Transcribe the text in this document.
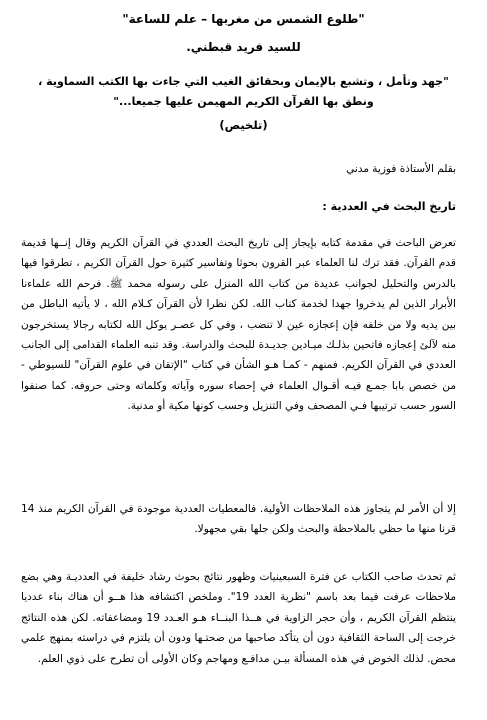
"طلوع الشمس من مغربها – علم للساعة"
للسيد فريد قبطني.
"جهد وتأمل ، وتشبع بالإيمان وبحقائق الغيب التي جاءت بها الكتب السماوية ، ونطق بها القرآن الكريم المهيمن عليها جميعا..."
(تلخيص)
بقلم الأستاذة فوزية مدني
تاريخ البحث في العددية :
تعرض الباحث في مقدمة كتابه بإيجاز إلى تاريخ البحث العددي في القرآن الكريم وقال إنــها قديمة قدم القرآن. فقد ترك لنا العلماء عبر القرون بحوثا وتفاسير كثيرة حول القرآن الكريم ، تطرقوا فيها بالدرس والتحليل لجوانب عديدة من كتاب الله المنزل على رسوله محمد ﷺ. فرحم الله علماءنا الأبرار الذين لم يدخروا جهدا لخدمة كتاب الله. لكن نظرا لأن القرآن كـلام الله ، لا يأتيه الباطل من بين يديه ولا من خلفه فإن إعجازه عين لا تنضب ، وفي كل عصـر يوكل الله لكتابه رجالا يستخرجون منه لآلئ إعجازه فاتحين بذلـك ميـادين جديـدة للبحث والدراسة. وقد تنبه العلماء القدامى إلى الجانب العددي في القرآن الكريم. فمنهم - كمـا هـو الشأن في كتاب "الإتقان في علوم القرآن" للسيوطي - من خصص بابا جمـع فيـه أقـوال العلماء في إحصاء سوره وآياته وكلماته وحتى حروفه. كما صنفوا السور حسب ترتيبها فـي المصحف وفي التنزيل وحسب كونها مكية أو مدنية.
إلا أن الأمر لم يتجاوز هذه الملاحظات الأولية. فالمعطيات العددية موجودة في القرآن الكريم منذ 14 قرنا منها ما حظي بالملاحظة والبحث ولكن جلها بقي مجهولا.
ثم تحدث صاحب الكتاب عن فترة السبعينيات وظهور نتائج بحوث رشاد خليفة في العدديـة وهي بضع ملاحظات عرفت فيما بعد باسم "نظرية العدد 19". وملخص اكتشافه هذا هــو أن هناك بناء عدديا ينتظم القرآن الكريم ، وأن حجر الزاوية في هــذا البنــاء هـو العـدد 19 ومضاعفاته. لكن هذه النتائج خرجت إلى الساحة الثقافية دون أن يتأكد صاحبها من صحتـها ودون أن يلتزم في دراسته بمنهج علمي محض. لذلك الخوض في هذه المسألة بيـن مدافـع ومهاجم وكان الأولى أن تطرح على ذوي العلم.
